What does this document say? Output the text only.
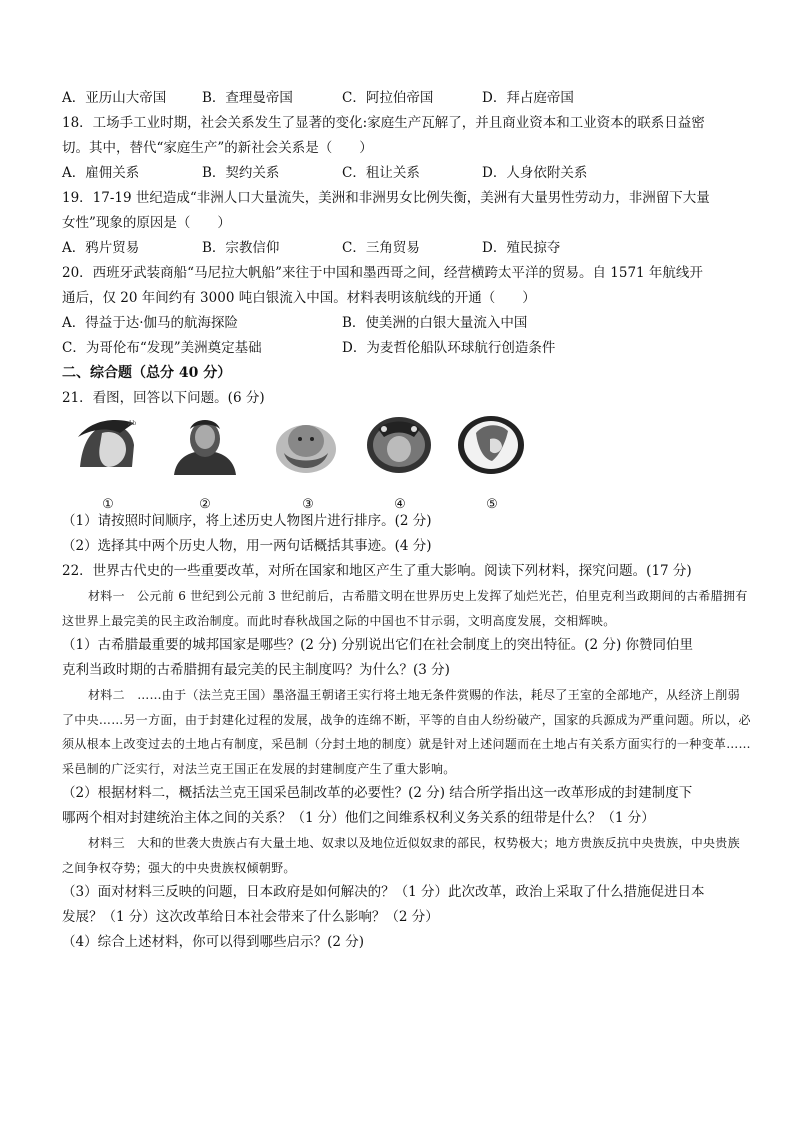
A．亚历山大帝国	B．查理曼帝国	C．阿拉伯帝国	D．拜占庭帝国
18．工场手工业时期，社会关系发生了显著的变化:家庭生产瓦解了，并且商业资本和工业资本的联系日益密
切。其中，替代“家庭生产”的新社会关系是（　　）
A．雇佣关系	B．契约关系	C．租让关系	D．人身依附关系
19．17-19 世纪造成“非洲人口大量流失，美洲和非洲男女比例失衡，美洲有大量男性劳动力，非洲留下大量
女性”现象的原因是（　　）
A．鸦片贸易	B．宗教信仰	C．三角贸易	D．殖民掠夺
20．西班牙武装商船“马尼拉大帆船”来往于中国和墨西哥之间，经营横跨太平洋的贸易。自 1571 年航线开
通后，仅 20 年间约有 3000 吨白银流入中国。材料表明该航线的开通（　　）
A．得益于达·伽马的航海探险	B．使美洲的白银大量流入中国
C．为哥伦布“发现”美洲奠定基础	D．为麦哲伦船队环球航行创造条件
二、综合题（总分 40 分）
21．看图，回答以下问题。(6 分)
Ab
①	②	③	④	⑤
（1）请按照时间顺序，将上述历史人物图片进行排序。(2 分)
（2）选择其中两个历史人物，用一两句话概括其事迹。(4 分)
22．世界古代史的一些重要改革，对所在国家和地区产生了重大影响。阅读下列材料，探究问题。(17 分)
材料一　公元前 6 世纪到公元前 3 世纪前后，古希腊文明在世界历史上发挥了灿烂光芒，伯里克利当政期间的古希腊拥有这世界上最完美的民主政治制度。而此时春秋战国之际的中国也不甘示弱，文明高度发展，交相辉映。
（1）古希腊最重要的城邦国家是哪些？(2 分) 分别说出它们在社会制度上的突出特征。(2 分) 你赞同伯里
克利当政时期的古希腊拥有最完美的民主制度吗？为什么？(3 分)
材料二　……由于（法兰克王国）墨洛温王朝诸王实行将土地无条件赏赐的作法，耗尽了王室的全部地产，从经济上削弱了中央……另一方面，由于封建化过程的发展，战争的连绵不断，平等的自由人纷纷破产，国家的兵源成为严重问题。所以，必须从根本上改变过去的土地占有制度，采邑制（分封土地的制度）就是针对上述问题而在土地占有关系方面实行的一种变革……采邑制的广泛实行，对法兰克王国正在发展的封建制度产生了重大影响。
（2）根据材料二，概括法兰克王国采邑制改革的必要性？(2 分) 结合所学指出这一改革形成的封建制度下
哪两个相对封建统治主体之间的关系？（1 分）他们之间维系权利义务关系的纽带是什么？（1 分）
材料三　大和的世袭大贵族占有大量土地、奴隶以及地位近似奴隶的部民，权势极大；地方贵族反抗中央贵族，中央贵族之间争权夺势；强大的中央贵族权倾朝野。
（3）面对材料三反映的问题，日本政府是如何解决的？（1 分）此次改革，政治上采取了什么措施促进日本
发展？（1 分）这次改革给日本社会带来了什么影响？（2 分）
（4）综合上述材料，你可以得到哪些启示？(2 分)
